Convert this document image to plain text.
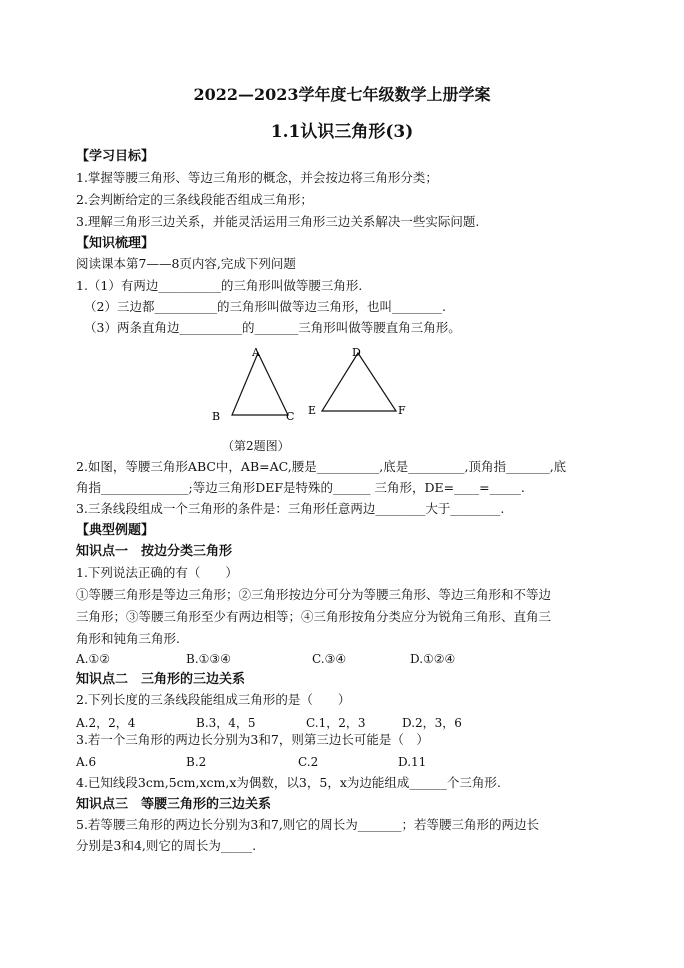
2022—2023学年度七年级数学上册学案
1.1认识三角形(3)
【学习目标】
1.掌握等腰三角形、等边三角形的概念，并会按边将三角形分类；
2.会判断给定的三条线段能否组成三角形；
3.理解三角形三边关系，并能灵活运用三角形三边关系解决一些实际问题.
【知识梳理】
阅读课本第7——8页内容,完成下列问题
1.（1）有两边__________的三角形叫做等腰三角形.
（2）三边都__________的三角形叫做等边三角形，也叫________.
（3）两条直角边__________的_______三角形叫做等腰直角三角形。
A
B	C
D
E	F
（第2题图）
2.如图，等腰三角形ABC中，AB=AC,腰是__________,底是_________,顶角指_______,底
角指______________;等边三角形DEF是特殊的______ 三角形，DE=____=_____.
3.三条线段组成一个三角形的条件是：三角形任意两边________大于________.
【典型例题】
知识点一　按边分类三角形
1.下列说法正确的有（　　）
①等腰三角形是等边三角形；②三角形按边分可分为等腰三角形、等边三角形和不等边
三角形；③等腰三角形至少有两边相等；④三角形按角分类应分为锐角三角形、直角三
角形和钝角三角形.
A.①②	B.①③④	C.③④	D.①②④
知识点二　三角形的三边关系
2.下列长度的三条线段能组成三角形的是（　　）
A.2，2，4	B.3，4，5	C.1，2，3	D.2，3，6
3.若一个三角形的两边长分别为3和7，则第三边长可能是（　）
A.6	B.2	C.2	D.11
4.已知线段3cm,5cm,xcm,x为偶数，以3，5，x为边能组成______个三角形.
知识点三　等腰三角形的三边关系
5.若等腰三角形的两边长分别为3和7,则它的周长为_______；若等腰三角形的两边长
分别是3和4,则它的周长为_____.
